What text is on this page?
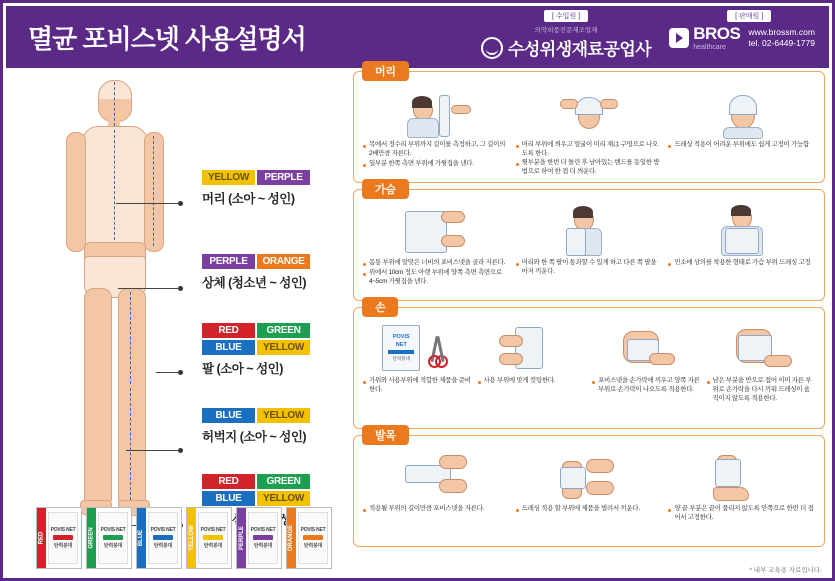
멸균 포비스넷 사용설명서
[ 수입원 ]
의약외품전문제조업체
수성위생재료공업사
[ 판매원 ]
BROS
healthcare
www.brossm.com
tel. 02-6449-1779
YELLOW	PERPLE
머리 (소아 ~ 성인)
PERPLE	ORANGE
상체 (청소년 ~ 성인)
RED	GREEN
BLUE	YELLOW
팔 (소아 ~ 성인)
BLUE	YELLOW
허벅지 (소아 ~ 성인)
RED	GREEN
BLUE	YELLOW
RED
POVIS NET
탄력붕대	GREEN POVIS NET
탄력붕대	BLUE POVIS NET
탄력붕대	YELLOW POVIS NET
탄력붕대	PERPLE POVIS NET
탄력붕대	ORANGE POVIS NET
탄력붕대
머리

목에서 정수리 부위까지 길이를 측정하고, 그 길이의 2배만큼 자른다.

일부분 한쪽 측면 부위에 가윗집을 낸다.

머리 부위에 씌우고 얼굴이 미리 재は 구멍으로 나오도록 한다.

윗부분을 한번 더 돌린 후 남아있는 밴드를 동일한 방법으로 하여 한 겹 더 씌운다.

드레싱 적용이 어려운 부위에도 쉽게 고정이 가능함

가슴

몸통 부위에 알맞은 너비의 포비스넷을 골라 자른다.

위에서 10cm 정도 아랫 부위에 양쪽 측면 측면으로 4~5cm 가윗집을 낸다.

머리와 한 쪽 팔이 통과할 수 있게 하고 다른 쪽 팔을 마저 끼운다.

민소매 상의를 착용한 형태로 가슴 부위 드레싱 고정

손
POVIS
NET
탄력붕대

가위와 사용부위에 적합한 제품을 준비한다.

사용 부위에 맞게 컷팅한다.	포비스넷을 손가락에 끼우고 양쪽 자른 부위로 손가락이 나오도록 적용한다.

남은 부분을 반으로 접어 이미 자른 부위로 손가락을 다시 끼워 드레싱이 움직이지 않도록 적용한다.

발목

적용될 부위의 길이만큼 포비스넷을 자른다.	드레싱 적용 할 부위에 제품을 벌려서 끼운다.	양 끝 부분은 끝이 풀리지 않도록 안쪽으로 한번 더 접어서 고정한다.

* 내부 교육용 자료입니다.
